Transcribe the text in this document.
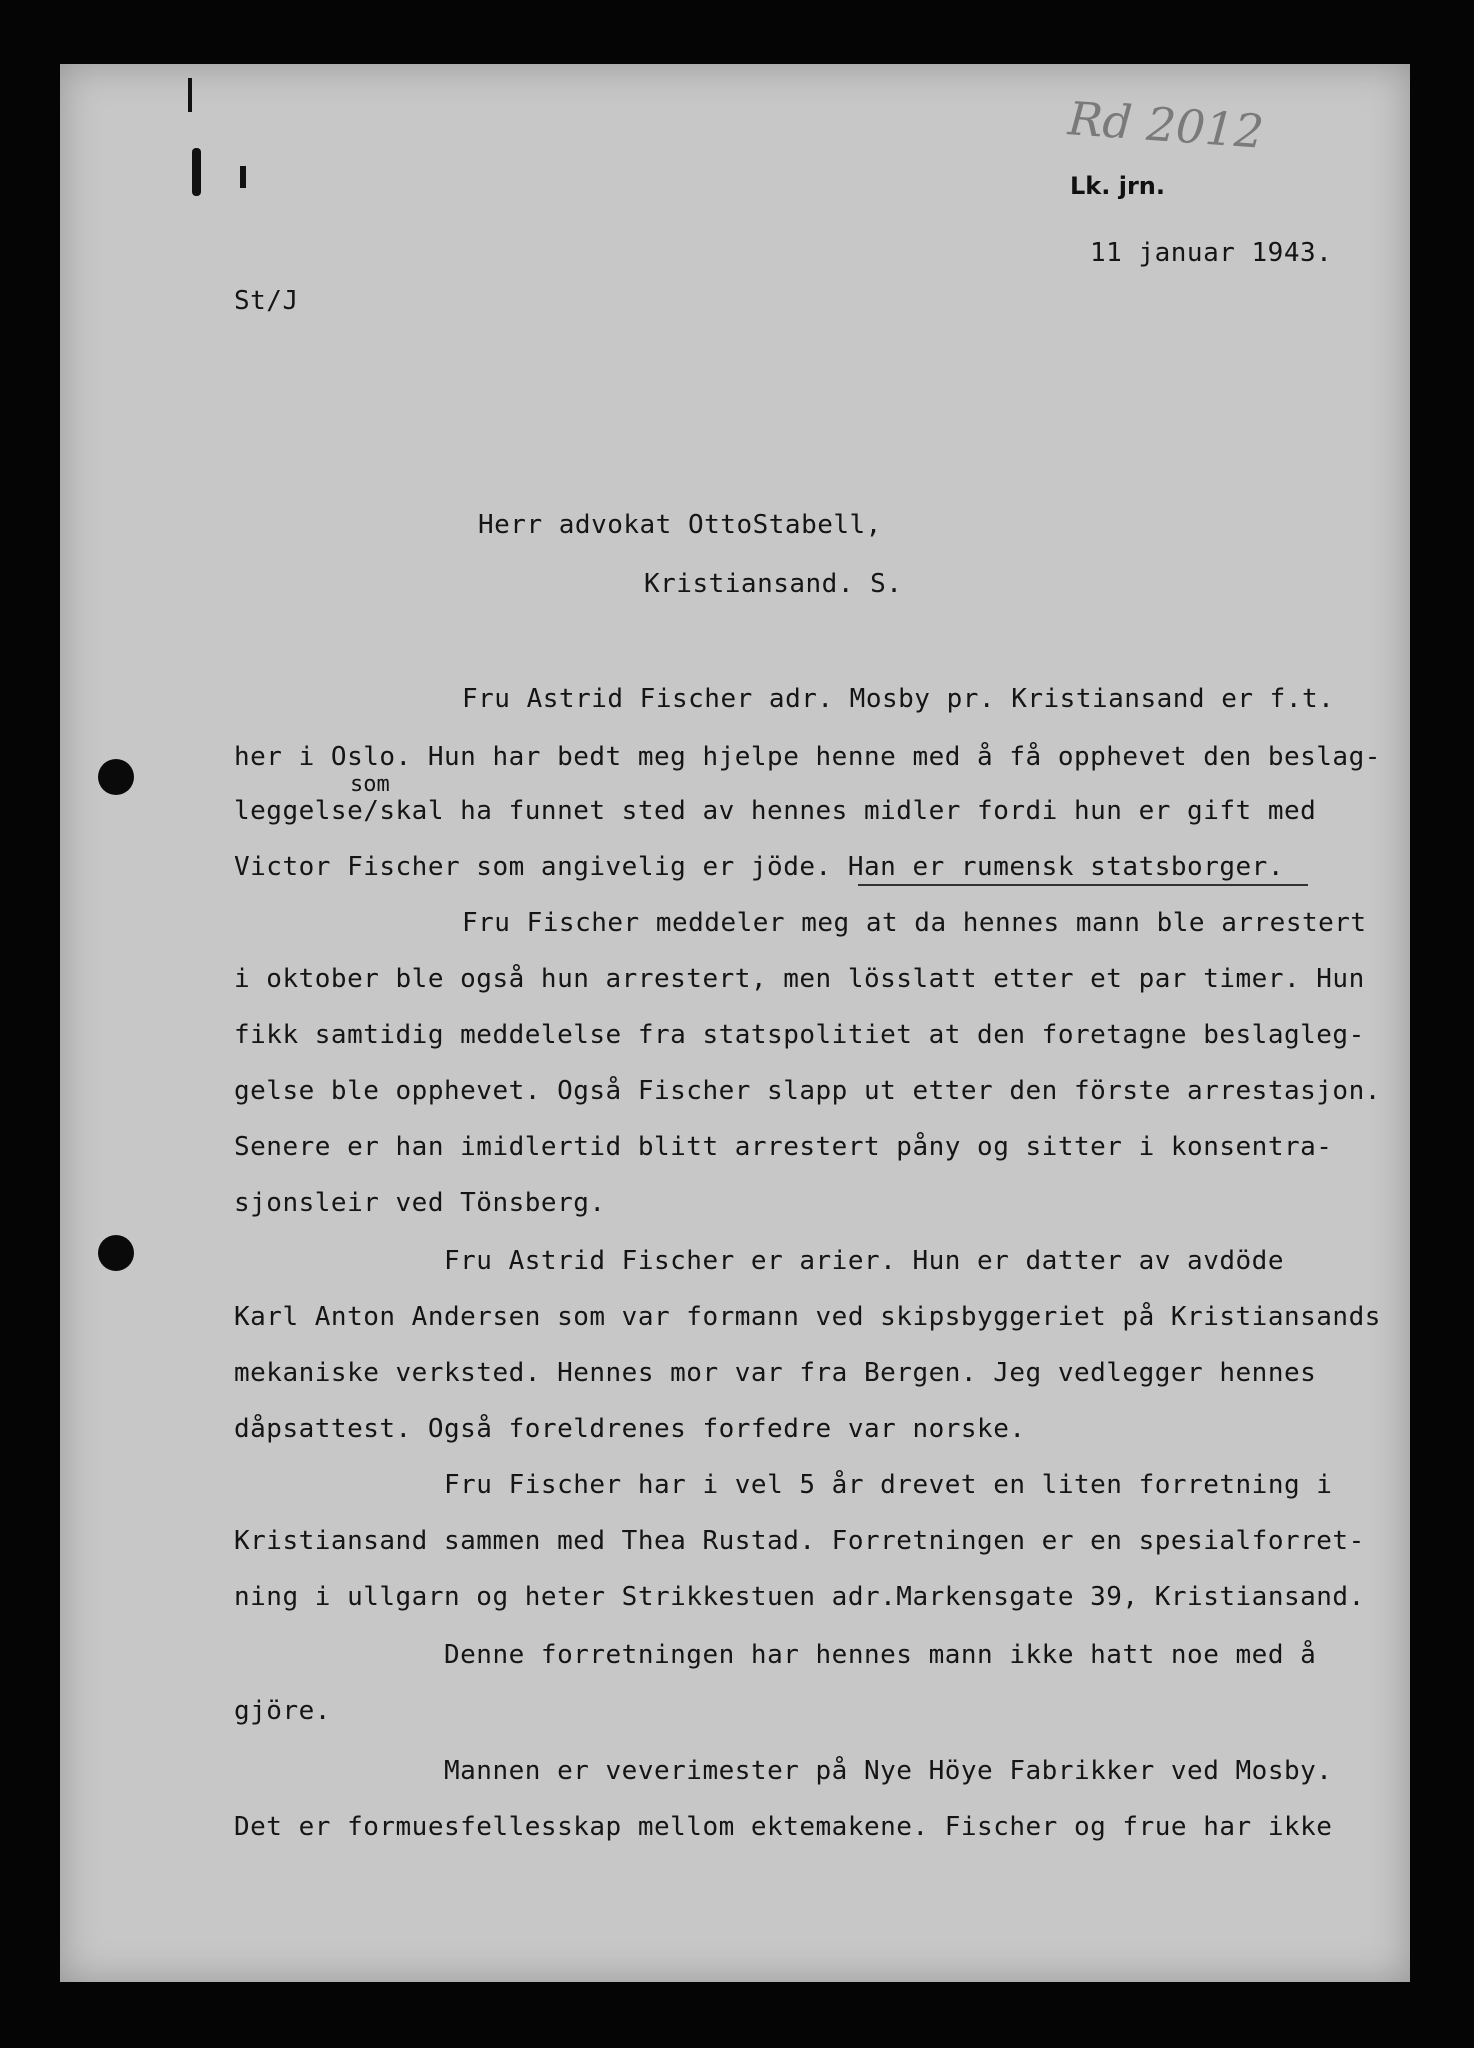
Rd 2012
Lk. jrn.
11 januar 1943.
St/J
Herr advokat OttoStabell,
Kristiansand. S.
Fru Astrid Fischer adr. Mosby pr. Kristiansand er f.t.
her i Oslo. Hun har bedt meg hjelpe henne med å få opphevet den beslag-
som
leggelse/skal ha funnet sted av hennes midler fordi hun er gift med
Victor Fischer som angivelig er jöde. Han er rumensk statsborger.
Fru Fischer meddeler meg at da hennes mann ble arrestert
i oktober ble også hun arrestert, men lösslatt etter et par timer. Hun
fikk samtidig meddelelse fra statspolitiet at den foretagne beslagleg-
gelse ble opphevet. Også Fischer slapp ut etter den förste arrestasjon.
Senere er han imidlertid blitt arrestert påny og sitter i konsentra-
sjonsleir ved Tönsberg.
Fru Astrid Fischer er arier. Hun er datter av avdöde
Karl Anton Andersen som var formann ved skipsbyggeriet på Kristiansands
mekaniske verksted. Hennes mor var fra Bergen. Jeg vedlegger hennes
dåpsattest. Også foreldrenes forfedre var norske.
Fru Fischer har i vel 5 år drevet en liten forretning i
Kristiansand sammen med Thea Rustad. Forretningen er en spesialforret-
ning i ullgarn og heter Strikkestuen adr.Markensgate 39, Kristiansand.
Denne forretningen har hennes mann ikke hatt noe med å
gjöre.
Mannen er veverimester på Nye Höye Fabrikker ved Mosby.
Det er formuesfellesskap mellom ektemakene. Fischer og frue har ikke
